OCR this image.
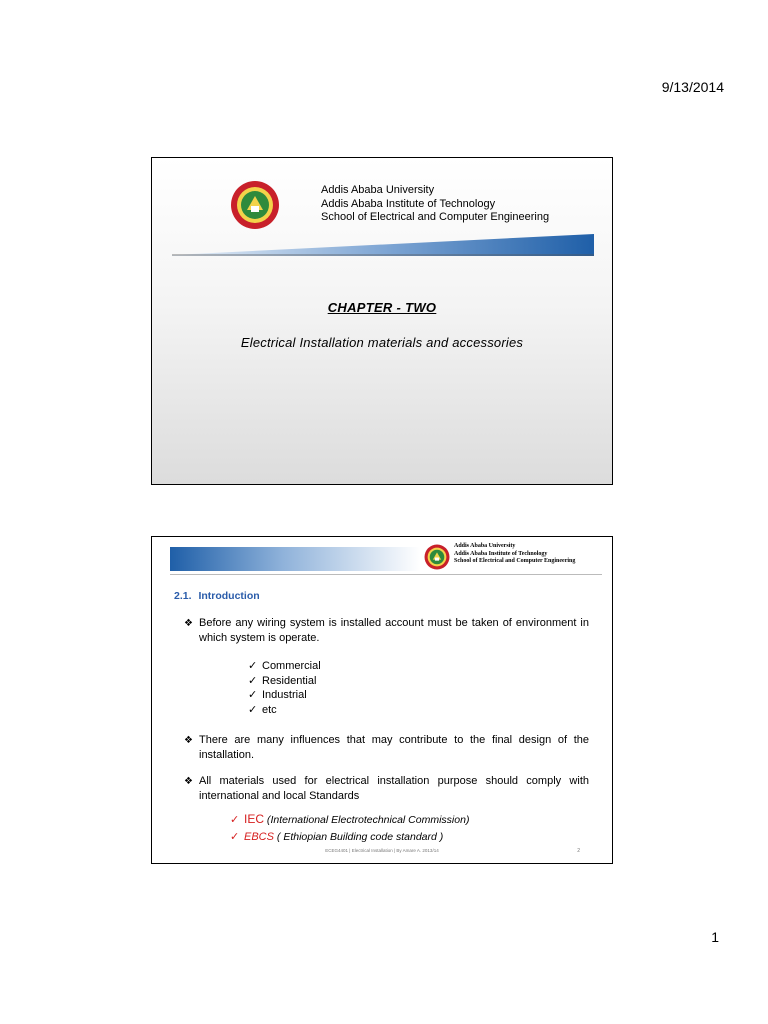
9/13/2014
Addis Ababa University
Addis Ababa Institute of Technology
School of Electrical and Computer Engineering
CHAPTER - TWO
Electrical Installation materials and accessories
Addis Ababa University
Addis Ababa Institute of Technology
School of Electrical and Computer Engineering
2.1. Introduction
❖ Before any wiring system is installed account must be taken of environment in which system is operate.
✓ Commercial
✓ Residential
✓ Industrial
✓ etc
❖ There are many influences that may contribute to the final design of the installation.
❖ All materials used for electrical installation purpose should comply with international and local Standards
✓ IEC (International Electrotechnical Commission)
✓ EBCS ( Ethiopian Building code standard )
ECEG4401 | Electrical Installation | By Amare A. 2013/14	2
1
